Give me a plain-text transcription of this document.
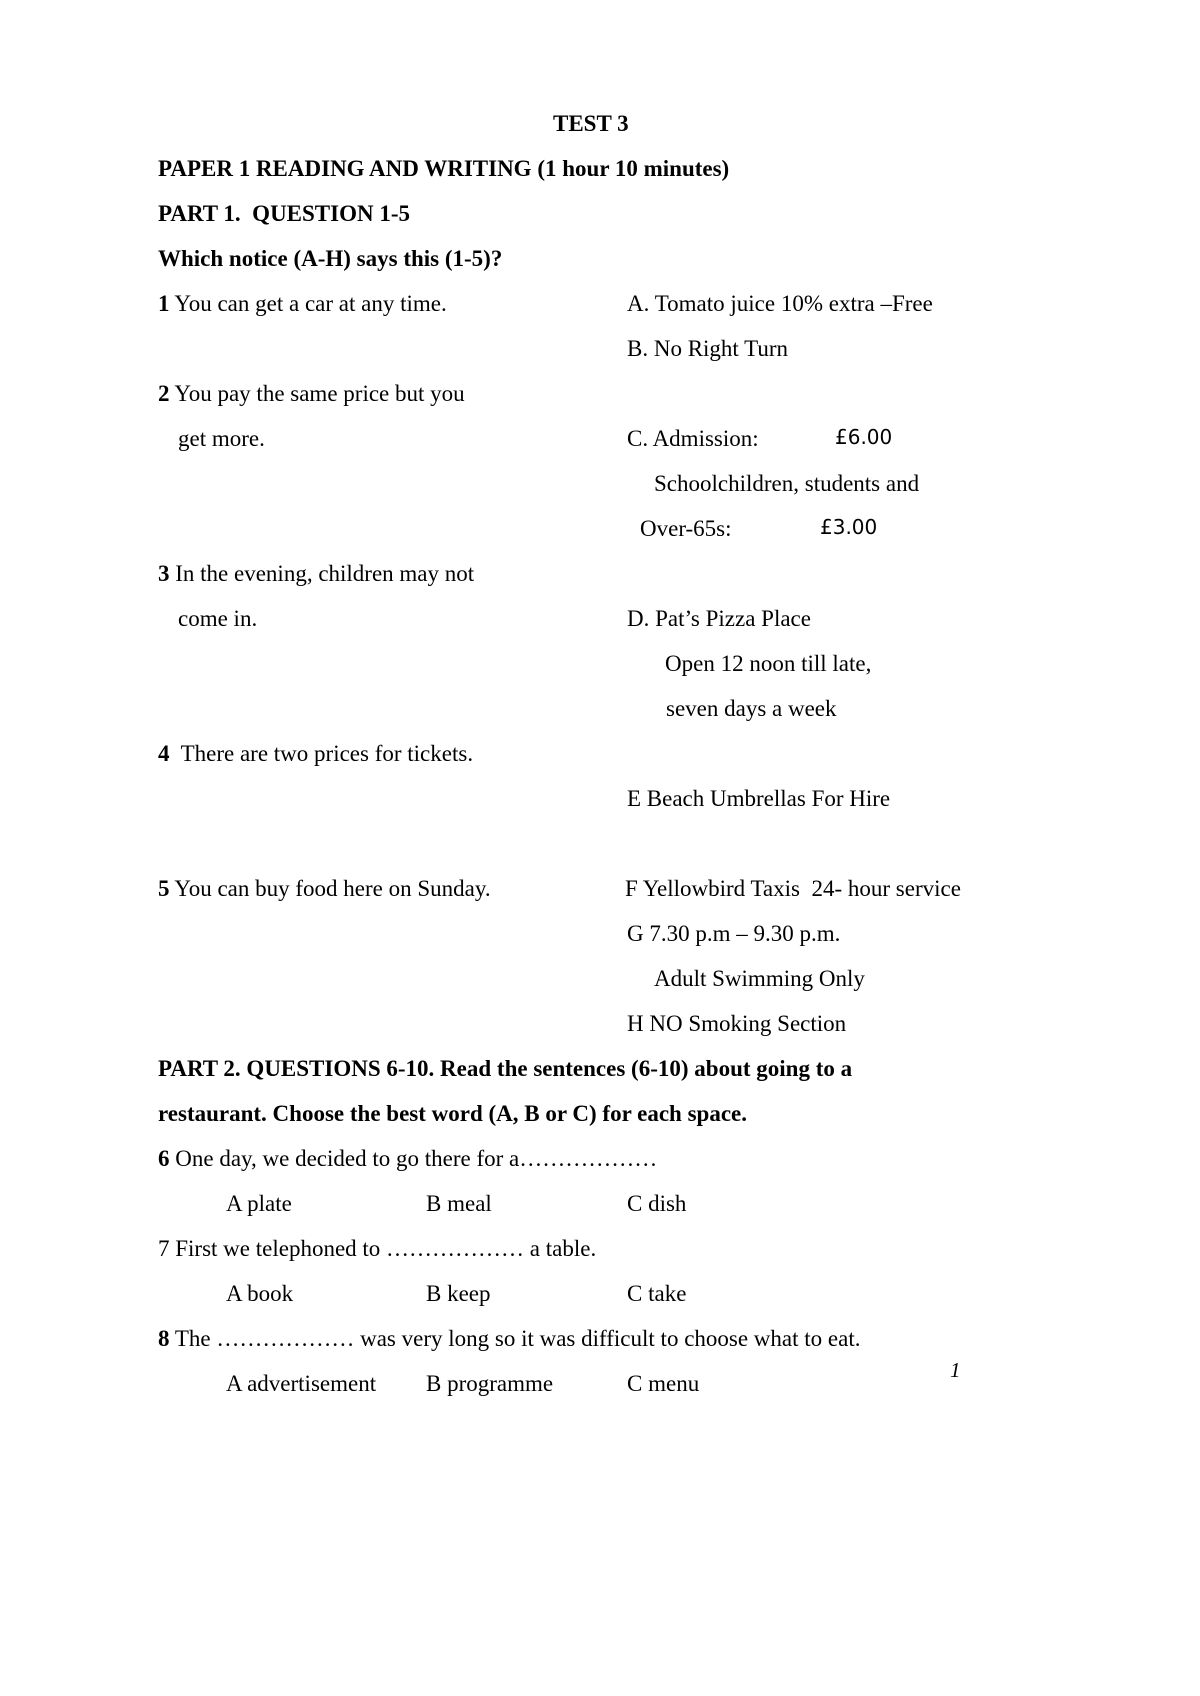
TEST 3
PAPER 1 READING AND WRITING (1 hour 10 minutes)
PART 1.  QUESTION 1-5
Which notice (A-H) says this (1-5)?
1 You can get a car at any time.
2 You pay the same price but you
get more.
3 In the evening, children may not
come in.
4 There are two prices for tickets.
5 You can buy food here on Sunday.
A. Tomato juice 10% extra –Free
B. No Right Turn
C. Admission:	£6.00
Schoolchildren, students and
Over-65s:	£3.00
D. Pat’s Pizza Place
Open 12 noon till late,
seven days a week
E Beach Umbrellas For Hire
F Yellowbird Taxis  24- hour service
G 7.30 p.m – 9.30 p.m.
Adult Swimming Only
H NO Smoking Section
PART 2. QUESTIONS 6-10. Read the sentences (6-10) about going to a
restaurant. Choose the best word (A, B or C) for each space.
6 One day, we decided to go there for a………………
A plate	B meal	C dish
7 First we telephoned to ……………… a table.
A book	B keep	C take
8 The ……………… was very long so it was difficult to choose what to eat.
A advertisement B programme	C menu
1
